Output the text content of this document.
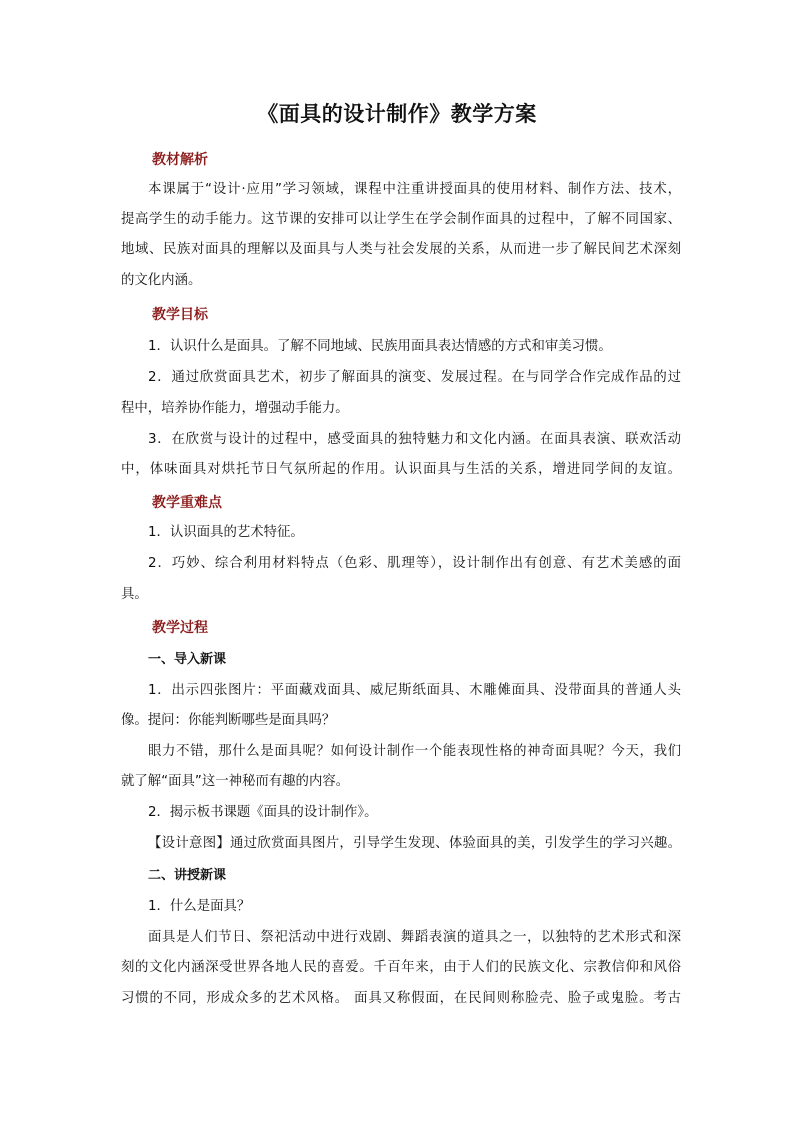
《面具的设计制作》教学方案
教材解析
本课属于“设计·应用”学习领域，课程中注重讲授面具的使用材料、制作方法、技术，
提高学生的动手能力。这节课的安排可以让学生在学会制作面具的过程中，了解不同国家、
地域、民族对面具的理解以及面具与人类与社会发展的关系，从而进一步了解民间艺术深刻
的文化内涵。
教学目标
1．认识什么是面具。了解不同地域、民族用面具表达情感的方式和审美习惯。
2．通过欣赏面具艺术，初步了解面具的演变、发展过程。在与同学合作完成作品的过
程中，培养协作能力，增强动手能力。
3．在欣赏与设计的过程中，感受面具的独特魅力和文化内涵。在面具表演、联欢活动
中，体味面具对烘托节日气氛所起的作用。认识面具与生活的关系，增进同学间的友谊。
教学重难点
1．认识面具的艺术特征。
2．巧妙、综合利用材料特点（色彩、肌理等），设计制作出有创意、有艺术美感的面
具。
教学过程
一、导入新课
1．出示四张图片：平面藏戏面具、威尼斯纸面具、木雕傩面具、没带面具的普通人头
像。提问：你能判断哪些是面具吗？
眼力不错，那什么是面具呢？如何设计制作一个能表现性格的神奇面具呢？今天，我们
就了解“面具”这一神秘而有趣的内容。
2．揭示板书课题《面具的设计制作》。
【设计意图】通过欣赏面具图片，引导学生发现、体验面具的美，引发学生的学习兴趣。
二、讲授新课
1．什么是面具？
面具是人们节日、祭祀活动中进行戏剧、舞蹈表演的道具之一，以独特的艺术形式和深
刻的文化内涵深受世界各地人民的喜爱。千百年来，由于人们的民族文化、宗教信仰和风俗
习惯的不同，形成众多的艺术风格。 面具又称假面，在民间则称脸壳、脸子或鬼脸。考古
